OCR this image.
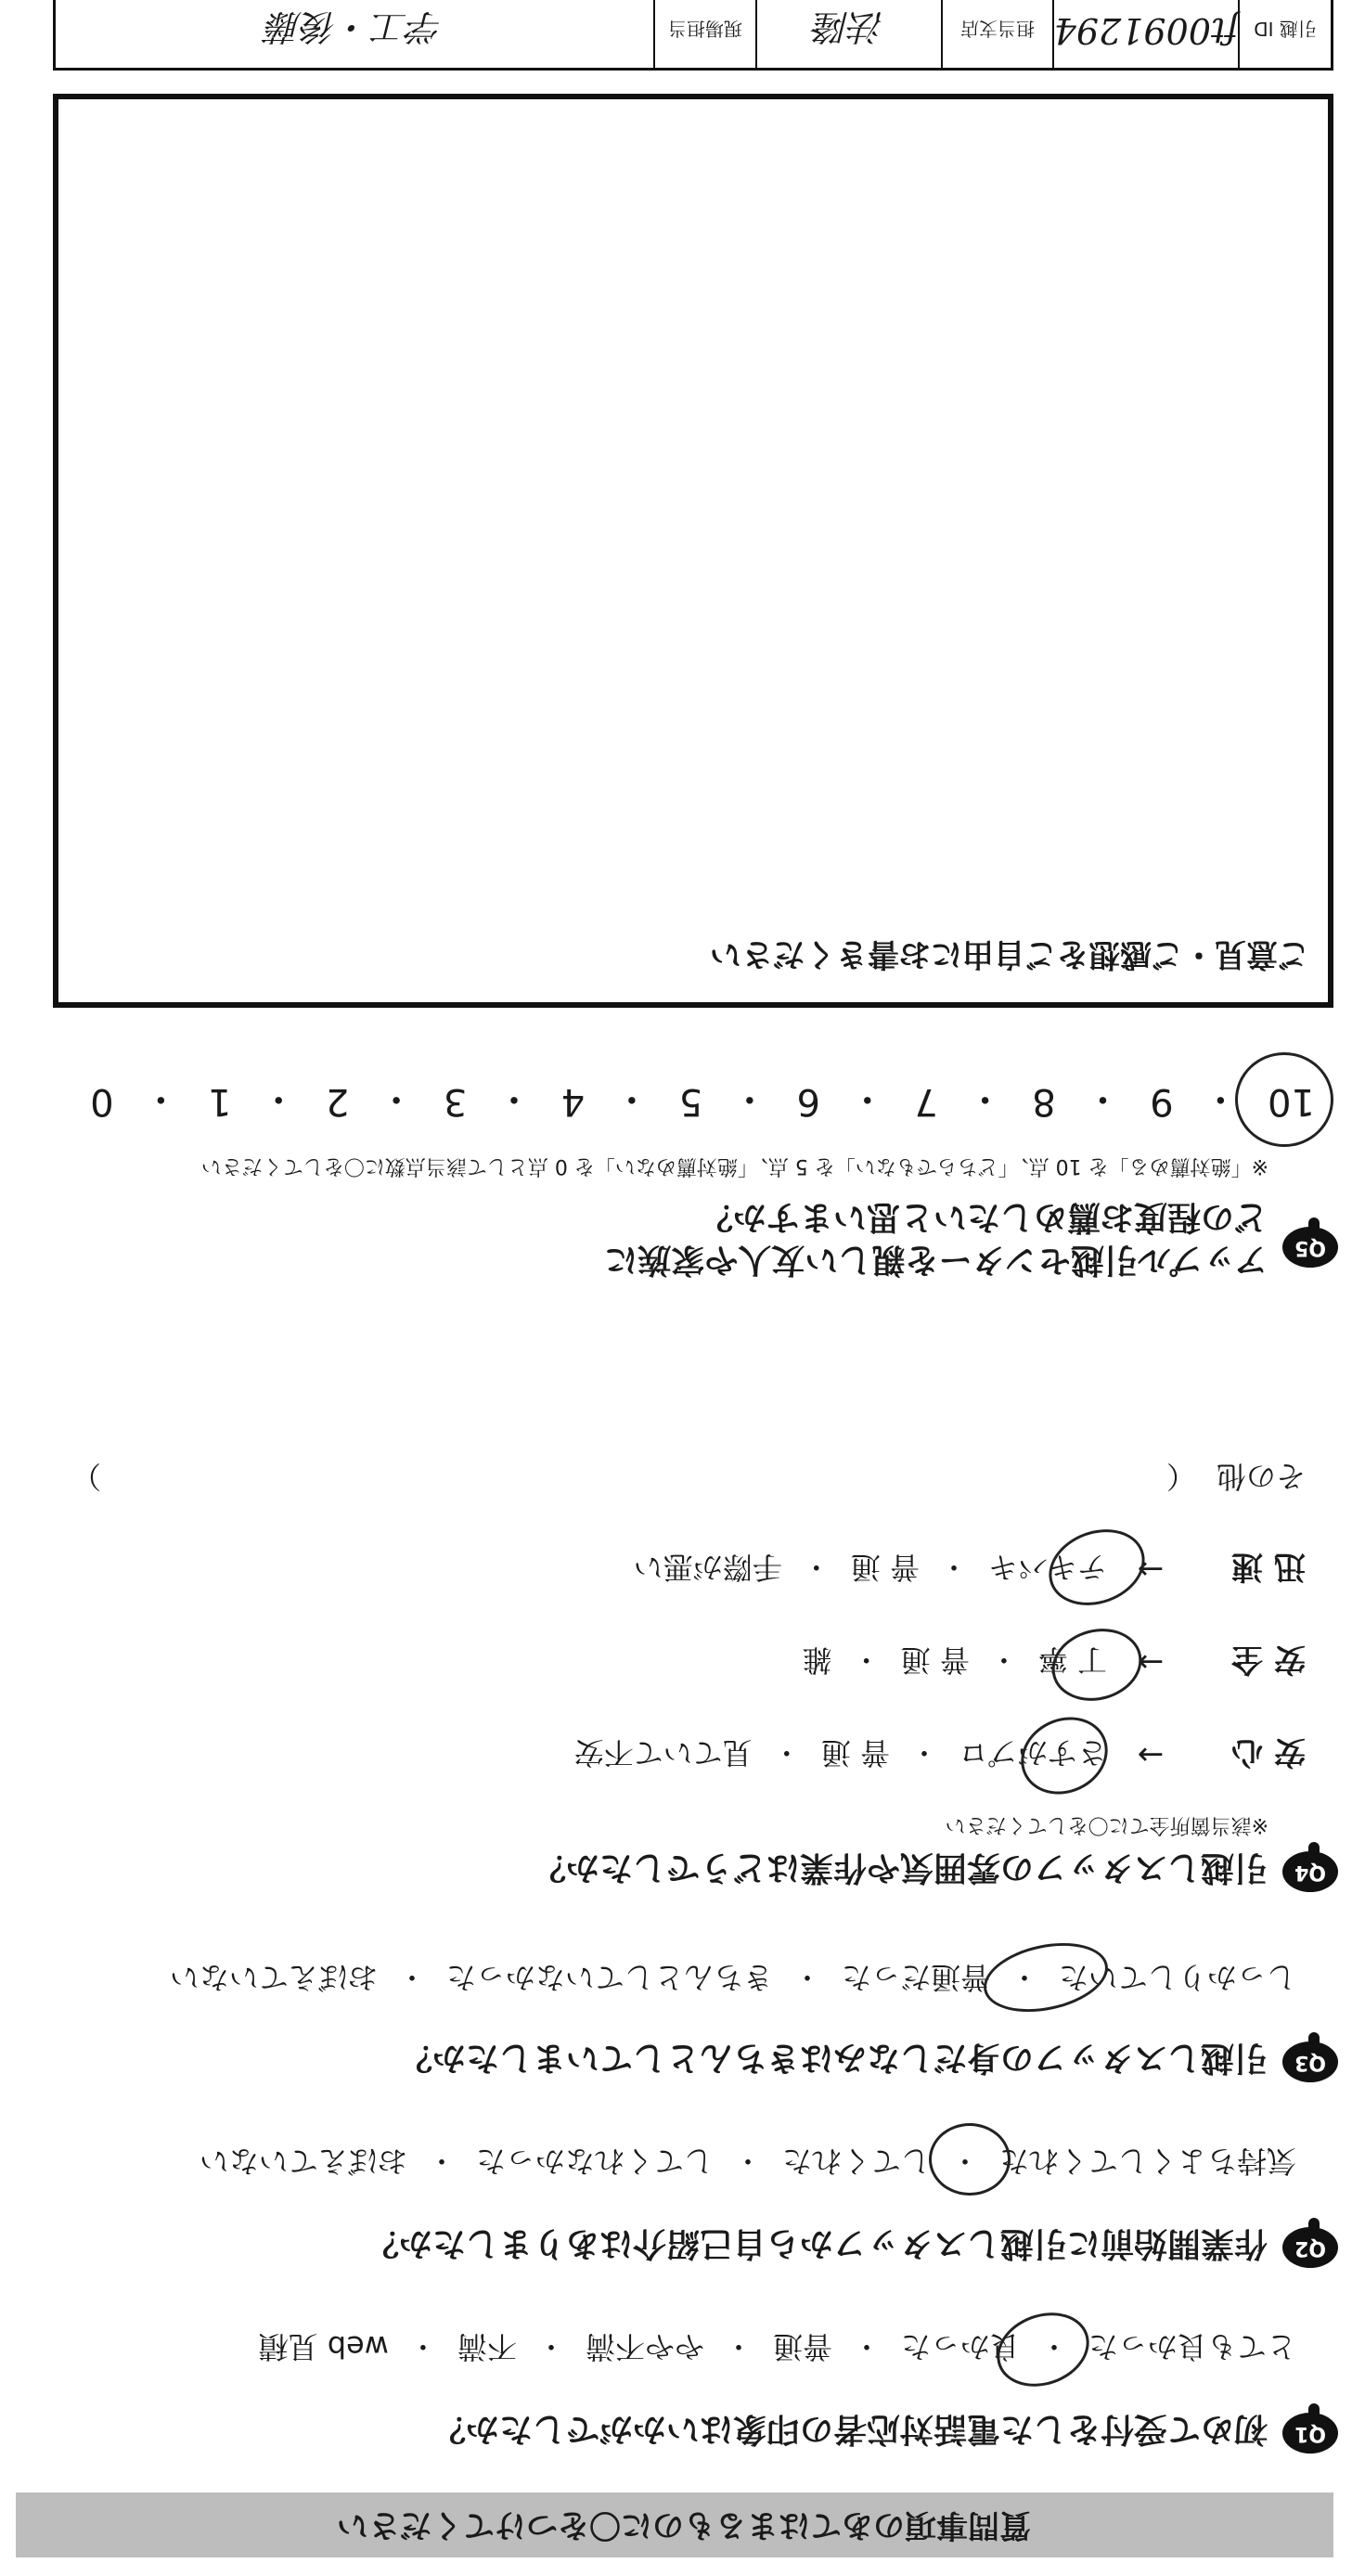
質問事項のあてはまるものに〇をつけてください
Q1
初めて受付をした電話対応者の印象はいかがでしたか？
とても良かった
・
良かった
・
普通
・
やや不満
・
不満
・
web 見積
Q2
作業開始前に引越しスタッフから自己紹介はありましたか？
気持ちよくしてくれた
・
してくれた
・
してくれなかった
・
おぼえていない
Q3
引越しスタッフの身だしなみはきちんとしていましたか？
しっかりしていた
・
普通だった
・
きちんとしていなかった
・
おぼえていない
Q4
引越しスタッフの雰囲気や作業はどうでしたか？
※該当箇所全てに〇をしてください
安 心
→
さすがプロ
・
普 通
・
見ていて不安
安 全
→
丁 寧
・
普 通
・
雑
迅 速
→
テキパキ
・
普 通
・
手際が悪い
その他
（
）
Q5
アップル引越センターを親しい友人や家族に
どの程度お薦めしたいと思いますか？
※「絶対薦める」を 10 点、「どちらでもない」を 5 点、「絶対薦めない」を 0 点として該当点数に〇をしてください
10
・
9
・
8
・
7
・
6
・
5
・
4
・
3
・
2
・
1
・
0
ご意見・ご感想をご自由にお書きください
引越 ID
ft0091294
担当支店
法隆
現場担当
学工・後藤
